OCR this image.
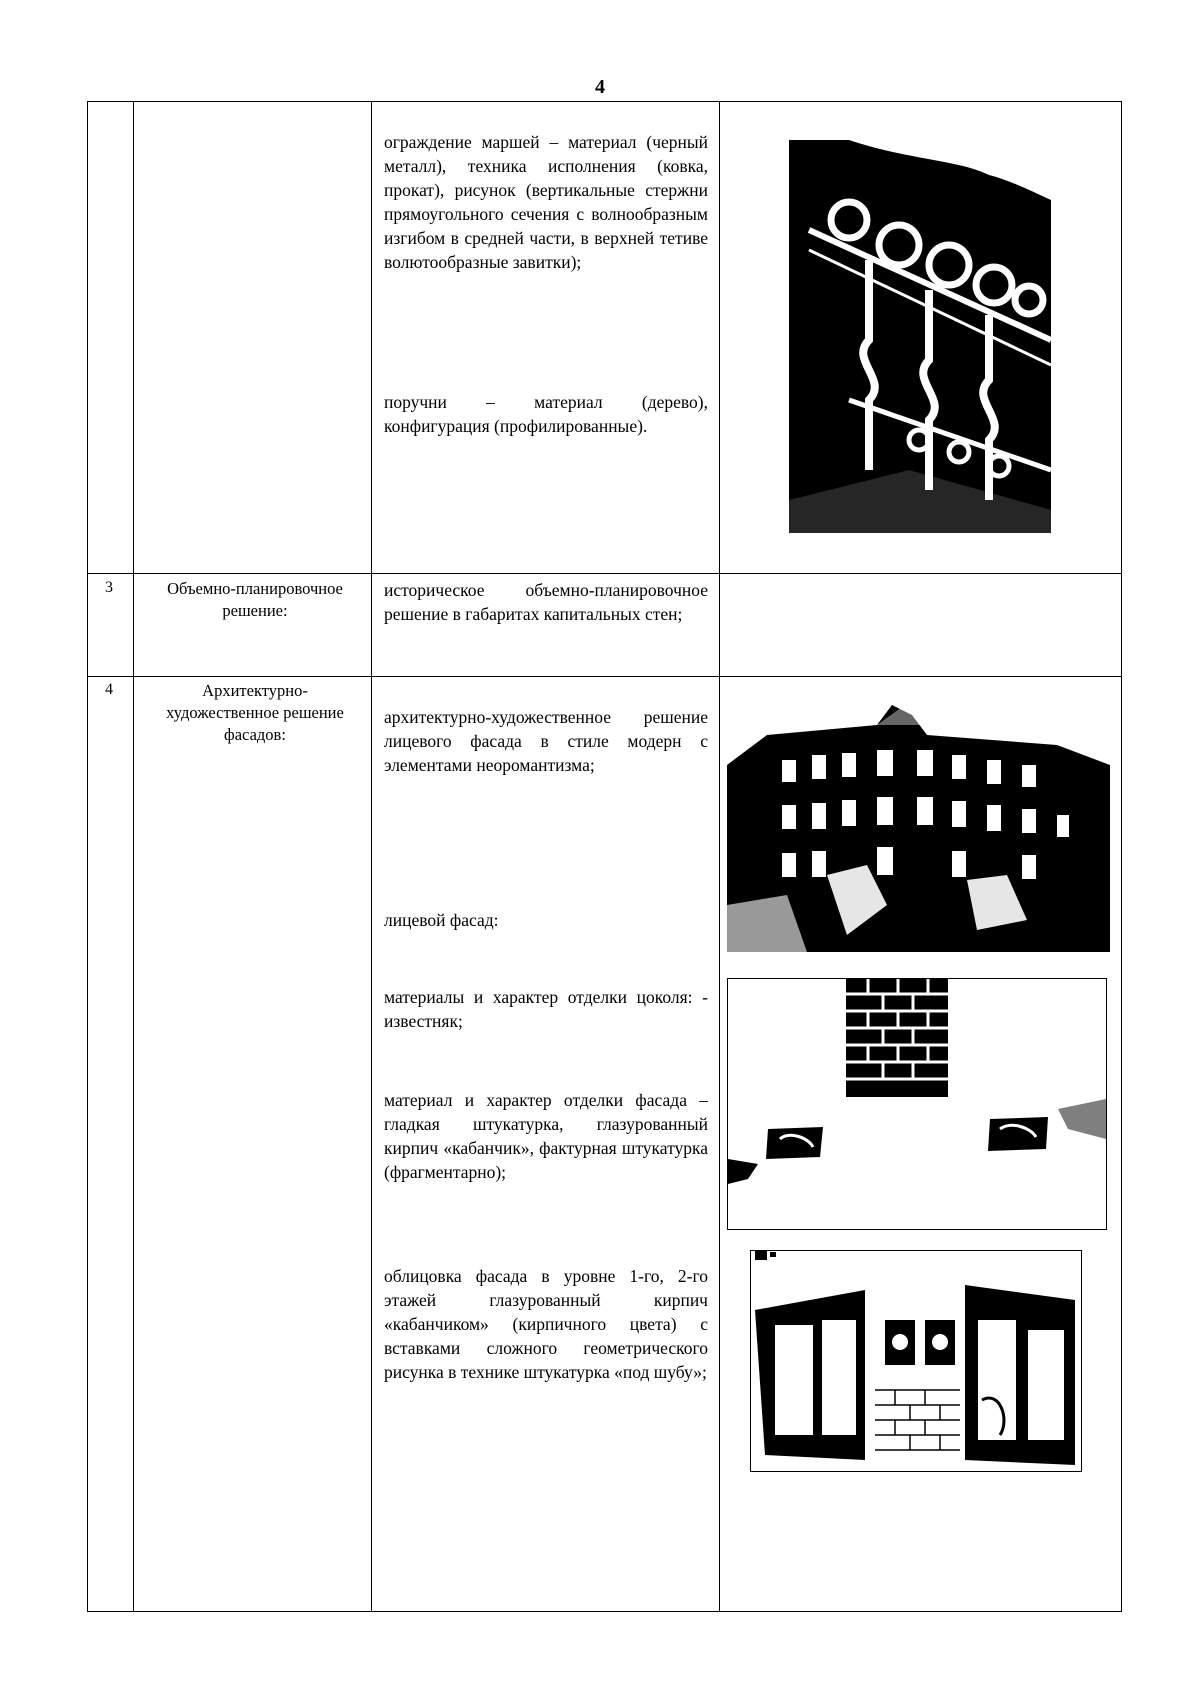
4
ограждение маршей – материал (черный металл), техника исполнения (ковка, прокат), рисунок (вертикальные стержни прямоугольного сечения с волнообразным изгибом в средней части, в верхней тетиве волютообразные завитки);
поручни – материал (дерево), конфигурация (профилированные).
3	Объемно-планировочное решение:
историческое объемно-планировочное решение в габаритах капитальных стен;
4	Архитектурно-художественное решение фасадов:
архитектурно-художественное решение лицевого фасада в стиле модерн с элементами неоромантизма;
лицевой фасад:
материалы и характер отделки цоколя: - известняк;
материал и характер отделки фасада – гладкая штукатурка, глазурованный кирпич «кабанчик», фактурная штукатурка (фрагментарно);
облицовка фасада в уровне 1-го, 2-го этажей глазурованный кирпич «кабанчиком» (кирпичного цвета) с вставками сложного геометрического рисунка в технике штукатурка «под шубу»;
